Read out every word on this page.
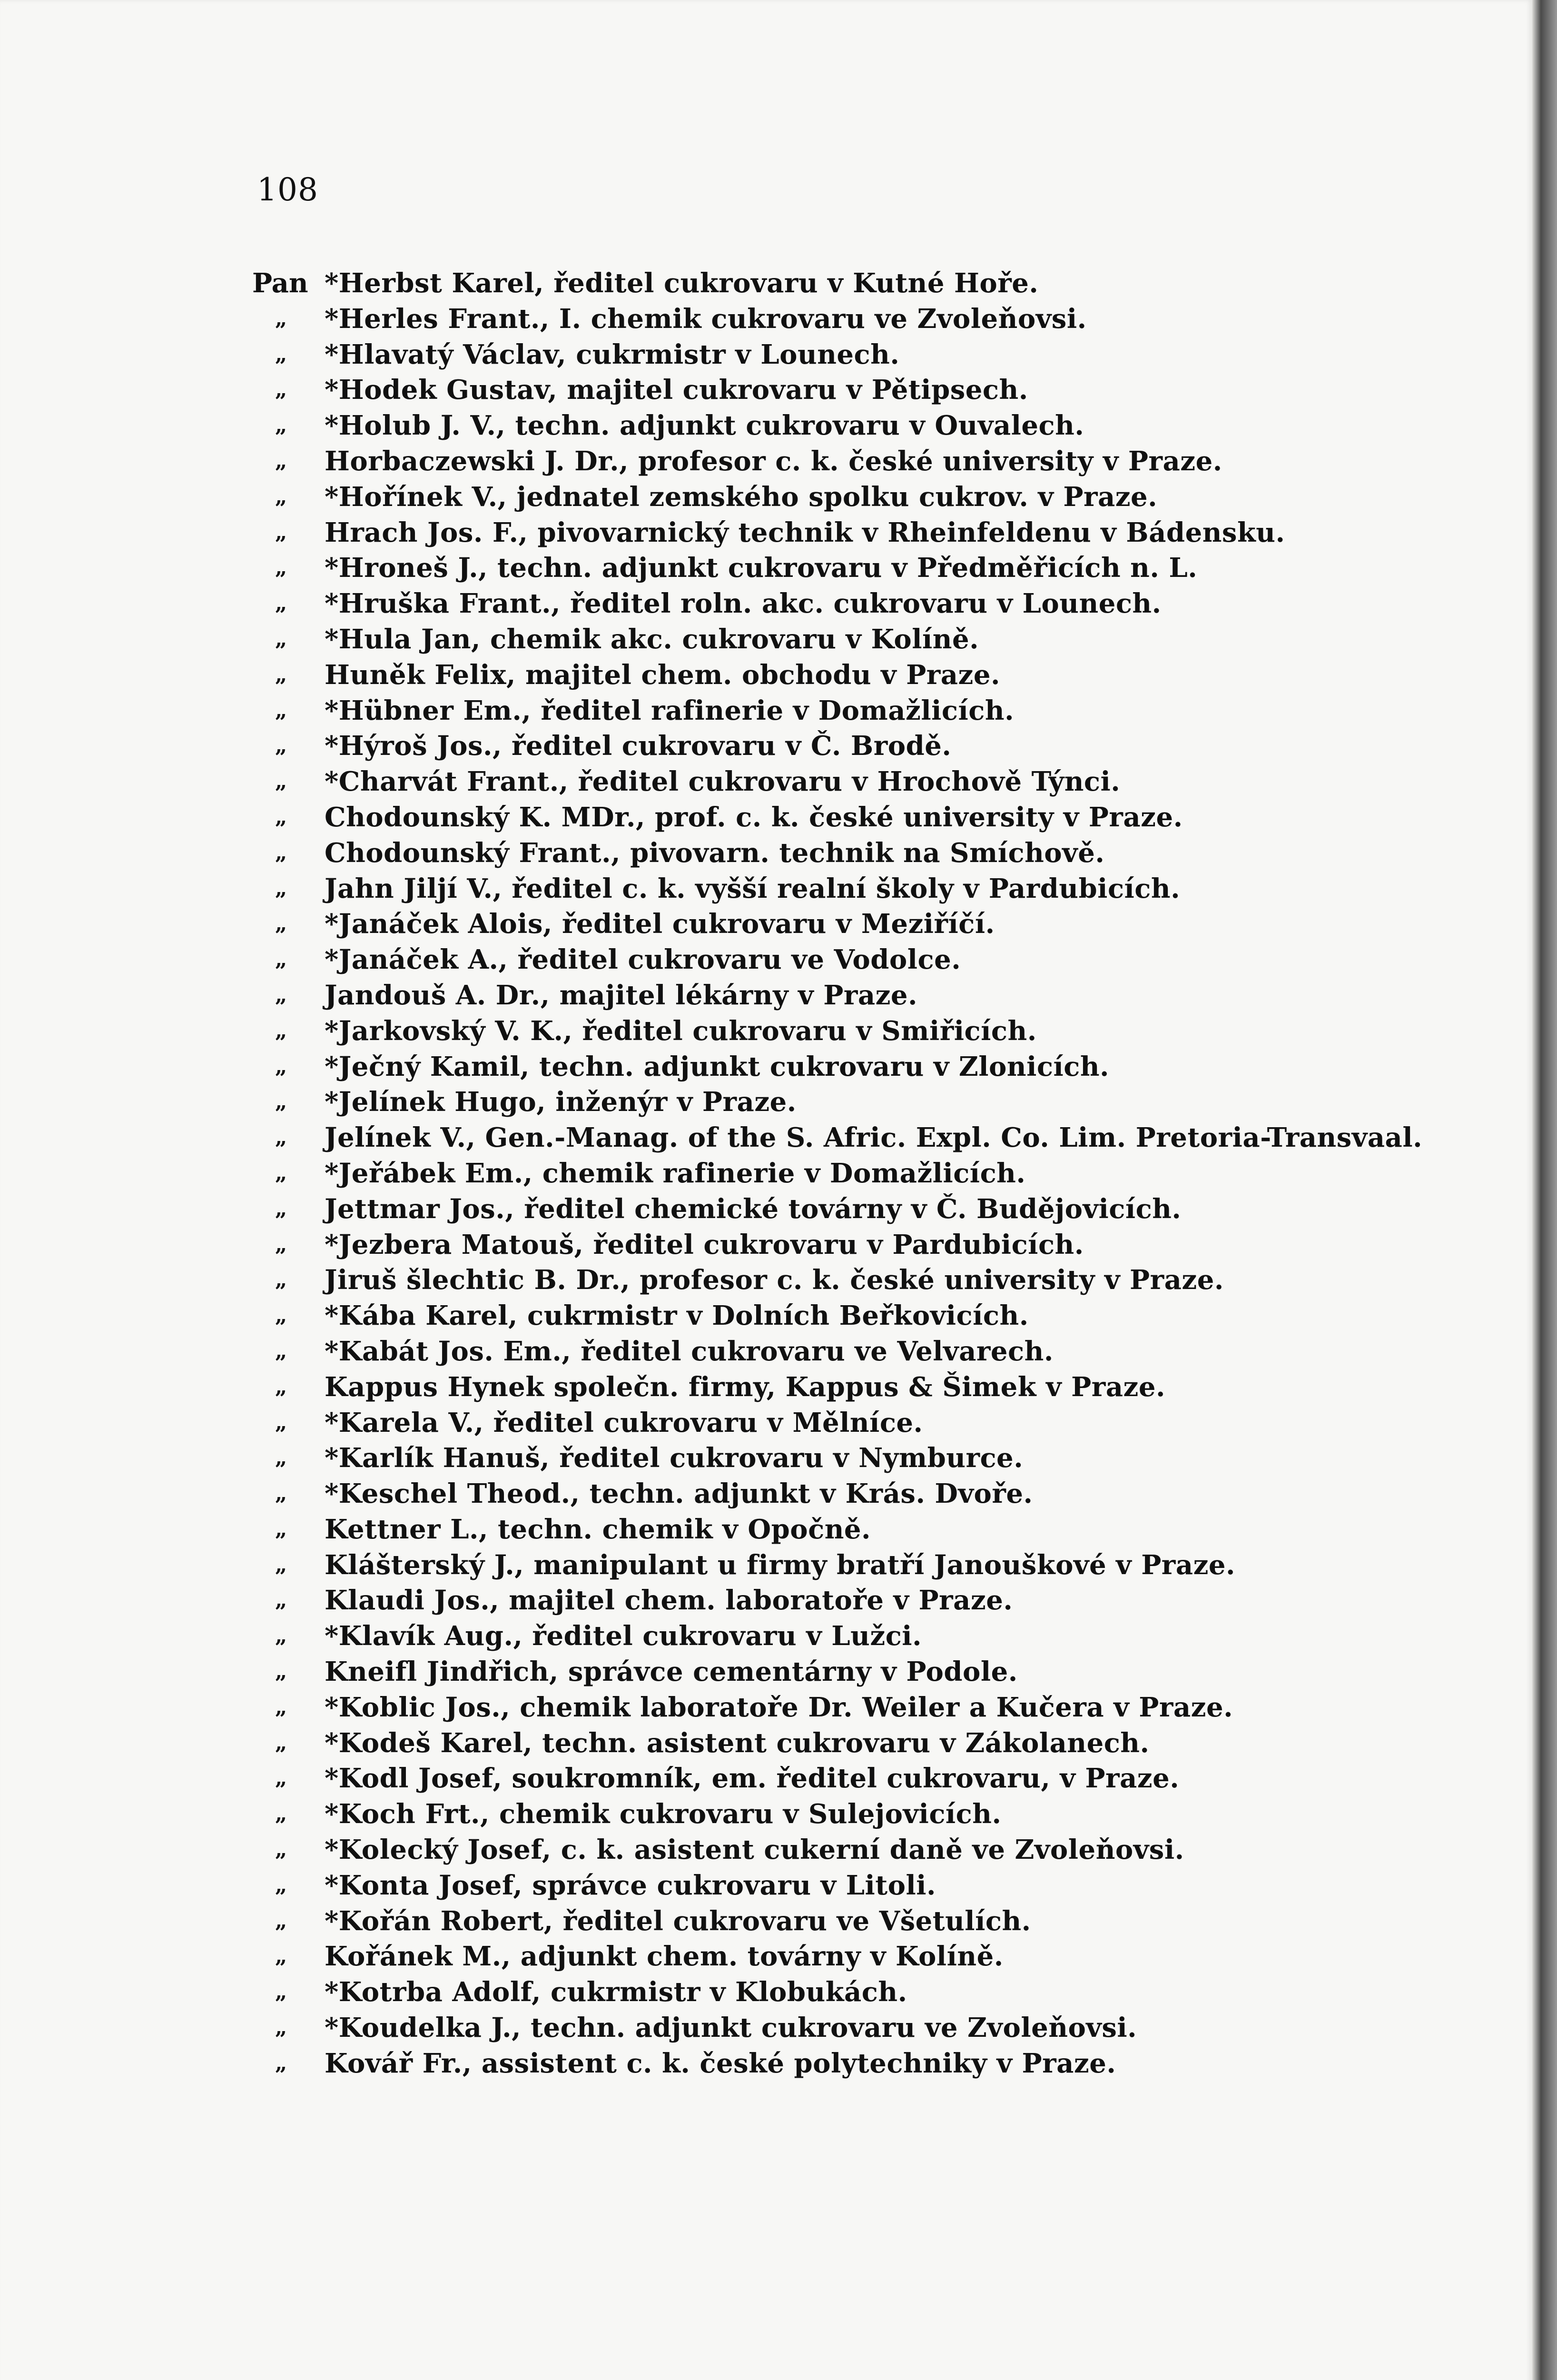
108
Pan *Herbst Karel, ředitel cukrovaru v Kutné Hoře.
„	*Herles Frant., I. chemik cukrovaru ve Zvoleňovsi.
„	*Hlavatý Václav, cukrmistr v Lounech.
„	*Hodek Gustav, majitel cukrovaru v Pětipsech.
„	*Holub J. V., techn. adjunkt cukrovaru v Ouvalech.
„	Horbaczewski J. Dr., profesor c. k. české university v Praze.
„	*Hořínek V., jednatel zemského spolku cukrov. v Praze.
„	Hrach Jos. F., pivovarnický technik v Rheinfeldenu v Bádensku.
„	*Hroneš J., techn. adjunkt cukrovaru v Předměřicích n. L.
„	*Hruška Frant., ředitel roln. akc. cukrovaru v Lounech.
„	*Hula Jan, chemik akc. cukrovaru v Kolíně.
„	Huněk Felix, majitel chem. obchodu v Praze.
„	*Hübner Em., ředitel rafinerie v Domažlicích.
„	*Hýroš Jos., ředitel cukrovaru v Č. Brodě.
„	*Charvát Frant., ředitel cukrovaru v Hrochově Týnci.
„	Chodounský K. MDr., prof. c. k. české university v Praze.
„	Chodounský Frant., pivovarn. technik na Smíchově.
„	Jahn Jiljí V., ředitel c. k. vyšší realní školy v Pardubicích.
„	*Janáček Alois, ředitel cukrovaru v Meziříčí.
„	*Janáček A., ředitel cukrovaru ve Vodolce.
„	Jandouš A. Dr., majitel lékárny v Praze.
„	*Jarkovský V. K., ředitel cukrovaru v Smiřicích.
„	*Ječný Kamil, techn. adjunkt cukrovaru v Zlonicích.
„	*Jelínek Hugo, inženýr v Praze.
„	Jelínek V., Gen.-Manag. of the S. Afric. Expl. Co. Lim. Pretoria-Transvaal.
„	*Jeřábek Em., chemik rafinerie v Domažlicích.
„	Jettmar Jos., ředitel chemické továrny v Č. Budějovicích.
„	*Jezbera Matouš, ředitel cukrovaru v Pardubicích.
„	Jiruš šlechtic B. Dr., profesor c. k. české university v Praze.
„	*Kába Karel, cukrmistr v Dolních Beřkovicích.
„	*Kabát Jos. Em., ředitel cukrovaru ve Velvarech.
„	Kappus Hynek společn. firmy, Kappus & Šimek v Praze.
„	*Karela V., ředitel cukrovaru v Mělníce.
„	*Karlík Hanuš, ředitel cukrovaru v Nymburce.
„	*Keschel Theod., techn. adjunkt v Krás. Dvoře.
„	Kettner L., techn. chemik v Opočně.
„	Klášterský J., manipulant u firmy bratří Janouškové v Praze.
„	Klaudi Jos., majitel chem. laboratoře v Praze.
„	*Klavík Aug., ředitel cukrovaru v Lužci.
„	Kneifl Jindřich, správce cementárny v Podole.
„	*Koblic Jos., chemik laboratoře Dr. Weiler a Kučera v Praze.
„	*Kodeš Karel, techn. asistent cukrovaru v Zákolanech.
„	*Kodl Josef, soukromník, em. ředitel cukrovaru, v Praze.
„	*Koch Frt., chemik cukrovaru v Sulejovicích.
„	*Kolecký Josef, c. k. asistent cukerní daně ve Zvoleňovsi.
„	*Konta Josef, správce cukrovaru v Litoli.
„	*Kořán Robert, ředitel cukrovaru ve Všetulích.
„	Kořánek M., adjunkt chem. továrny v Kolíně.
„	*Kotrba Adolf, cukrmistr v Klobukách.
„	*Koudelka J., techn. adjunkt cukrovaru ve Zvoleňovsi.
„	Kovář Fr., assistent c. k. české polytechniky v Praze.
